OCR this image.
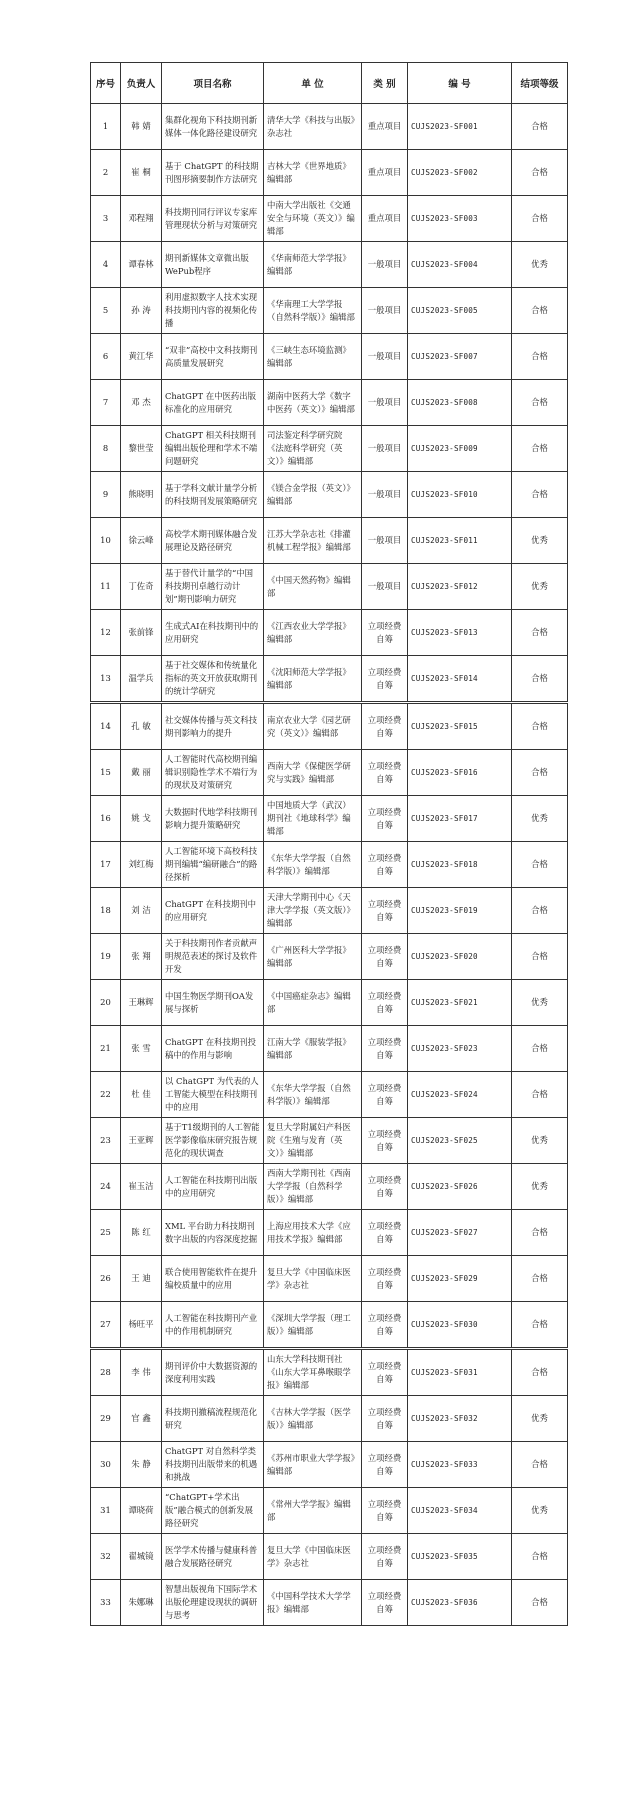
序号	负责人	项目名称	单 位	类 别	编 号	结项等级
1	韩 婧	集群化视角下科技期刊新媒体一体化路径建设研究	清华大学《科技与出版》杂志社	重点项目	CUJS2023-SF001	合格
2	崔 桐	基于 ChatGPT 的科技期刊图形摘要制作方法研究	吉林大学《世界地质》编辑部	重点项目	CUJS2023-SF002	合格
3	邓程翔	科技期刊同行评议专家库管理现状分析与对策研究	中南大学出版社《交通安全与环境（英文）》编辑部	重点项目	CUJS2023-SF003	合格
4	谭春林	期刊新媒体文章微出版WePub程序	《华南师范大学学报》编辑部	一般项目	CUJS2023-SF004	优秀
5	孙 涛	利用虚拟数字人技术实现科技期刊内容的视频化传播	《华南理工大学学报（自然科学版）》编辑部	一般项目	CUJS2023-SF005	合格
6	黄江华	“双非”高校中文科技期刊高质量发展研究	《三峡生态环境监测》编辑部	一般项目	CUJS2023-SF007	合格
7	邓 杰	ChatGPT 在中医药出版标准化的应用研究	湖南中医药大学《数字中医药（英文）》编辑部	一般项目	CUJS2023-SF008	合格
8	黎世莹	ChatGPT 相关科技期刊编辑出版伦理和学术不端问题研究	司法鉴定科学研究院《法庭科学研究（英文）》编辑部	一般项目	CUJS2023-SF009	合格
9	熊晓明	基于学科文献计量学分析的科技期刊发展策略研究	《镁合金学报（英文）》编辑部	一般项目	CUJS2023-SF010	合格
10	徐云峰	高校学术期刊媒体融合发展理论及路径研究	江苏大学杂志社《排灌机械工程学报》编辑部	一般项目	CUJS2023-SF011	优秀
11	丁佐奇	基于替代计量学的“中国科技期刊卓越行动计划”期刊影响力研究	《中国天然药物》编辑部	一般项目	CUJS2023-SF012	优秀
12	张前锋	生成式AI在科技期刊中的应用研究	《江西农业大学学报》编辑部	立项经费自筹	CUJS2023-SF013	合格
13	温学兵	基于社交媒体和传统量化指标的英文开放获取期刊的统计学研究	《沈阳师范大学学报》编辑部	立项经费自筹	CUJS2023-SF014	合格
14	孔 敏	社交媒体传播与英文科技期刊影响力的提升	南京农业大学《园艺研究（英文）》编辑部	立项经费自筹	CUJS2023-SF015	合格
15	戴 丽	人工智能时代高校期刊编辑识别隐性学术不端行为的现状及对策研究	西南大学《保健医学研究与实践》编辑部	立项经费自筹	CUJS2023-SF016	合格
16	姚 戈	大数据时代地学科技期刊影响力提升策略研究	中国地质大学（武汉）期刊社《地球科学》编辑部	立项经费自筹	CUJS2023-SF017	优秀
17	刘红梅	人工智能环境下高校科技期刊编辑“编研融合”的路径探析	《东华大学学报（自然科学版）》编辑部	立项经费自筹	CUJS2023-SF018	合格
18	刘 洁	ChatGPT 在科技期刊中的应用研究	天津大学期刊中心《天津大学学报（英文版）》编辑部	立项经费自筹	CUJS2023-SF019	合格
19	张 翔	关于科技期刊作者贡献声明规范表述的探讨及软件开发	《广州医科大学学报》编辑部	立项经费自筹	CUJS2023-SF020	合格
20	王琳辉	中国生物医学期刊OA发展与探析	《中国癌症杂志》编辑部	立项经费自筹	CUJS2023-SF021	优秀
21	张 雪	ChatGPT 在科技期刊投稿中的作用与影响	江南大学《服装学报》编辑部	立项经费自筹	CUJS2023-SF023	合格
22	杜 佳	以 ChatGPT 为代表的人工智能大模型在科技期刊中的应用	《东华大学学报（自然科学版）》编辑部	立项经费自筹	CUJS2023-SF024	合格
23	王亚辉	基于T1级期刊的人工智能医学影像临床研究报告规范化的现状调查	复旦大学附属妇产科医院《生殖与发育（英文）》编辑部	立项经费自筹	CUJS2023-SF025	优秀
24	崔玉洁	人工智能在科技期刊出版中的应用研究	西南大学期刊社《西南大学学报（自然科学版）》编辑部	立项经费自筹	CUJS2023-SF026	优秀
25	陈 红	XML 平台助力科技期刊数字出版的内容深度挖掘	上海应用技术大学《应用技术学报》编辑部	立项经费自筹	CUJS2023-SF027	合格
26	王 迪	联合使用智能软件在提升编校质量中的应用	复旦大学《中国临床医学》杂志社	立项经费自筹	CUJS2023-SF029	合格
27	杨旺平	人工智能在科技期刊产业中的作用机制研究	《深圳大学学报（理工版）》编辑部	立项经费自筹	CUJS2023-SF030	合格
28	李 伟	期刊评价中大数据资源的深度利用实践	山东大学科技期刊社《山东大学耳鼻喉眼学报》编辑部	立项经费自筹	CUJS2023-SF031	合格
29	官 鑫	科技期刊撤稿流程规范化研究	《吉林大学学报（医学版）》编辑部	立项经费自筹	CUJS2023-SF032	优秀
30	朱 静	ChatGPT 对自然科学类科技期刊出版带来的机遇和挑战	《苏州市职业大学学报》编辑部	立项经费自筹	CUJS2023-SF033	合格
31	谭晓荷	“ChatGPT+学术出版”融合模式的创新发展路径研究	《常州大学学报》编辑部	立项经费自筹	CUJS2023-SF034	优秀
32	翟城镜	医学学术传播与健康科普融合发展路径研究	复旦大学《中国临床医学》杂志社	立项经费自筹	CUJS2023-SF035	合格
33	朱娜琳	智慧出版视角下国际学术出版伦理建设现状的调研与思考	《中国科学技术大学学报》编辑部	立项经费自筹	CUJS2023-SF036	合格
